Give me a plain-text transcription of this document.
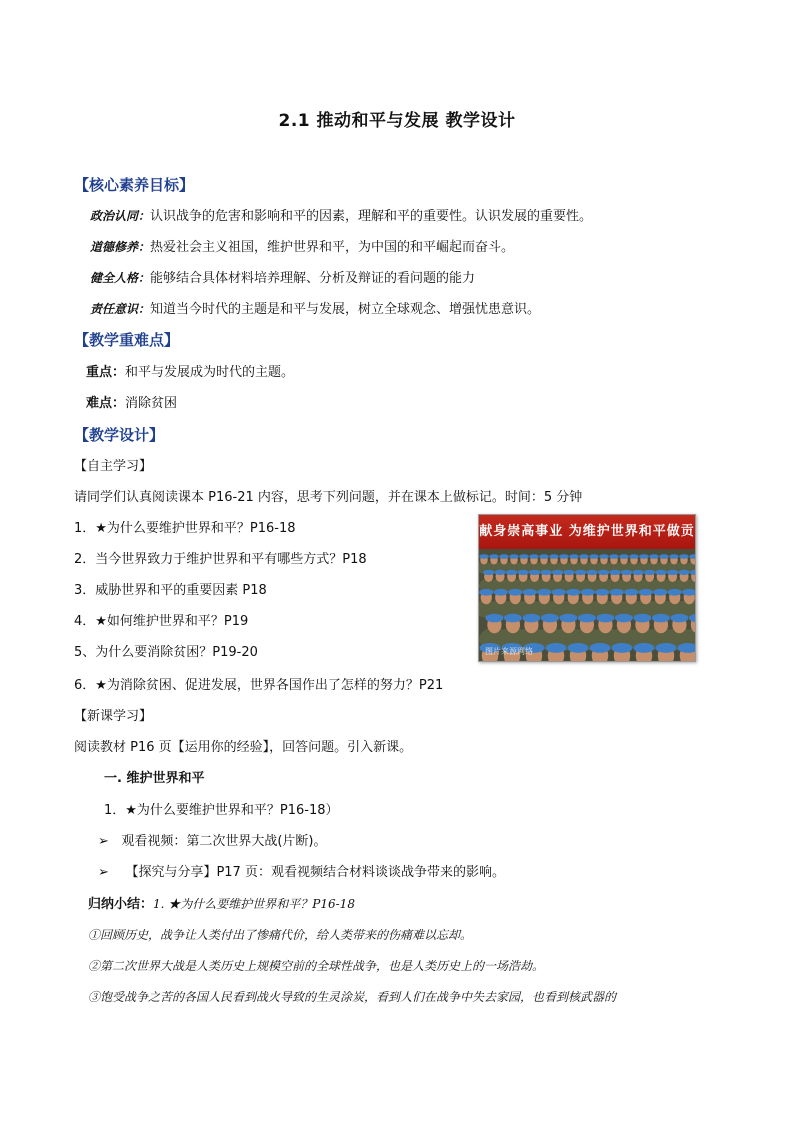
2.1 推动和平与发展 教学设计
【核心素养目标】
政治认同：认识战争的危害和影响和平的因素，理解和平的重要性。认识发展的重要性。
道德修养：热爱社会主义祖国，维护世界和平，为中国的和平崛起而奋斗。
健全人格：能够结合具体材料培养理解、分析及辩证的看问题的能力
责任意识：知道当今时代的主题是和平与发展，树立全球观念、增强忧患意识。
【教学重难点】
重点：和平与发展成为时代的主题。
难点：消除贫困
【教学设计】
【自主学习】
请同学们认真阅读课本 P16-21 内容，思考下列问题，并在课本上做标记。时间：5 分钟
1．★为什么要维护世界和平？P16-18
2．当今世界致力于维护世界和平有哪些方式？P18
3．威胁世界和平的重要因素 P18
4．★如何维护世界和平？P19
5、为什么要消除贫困？P19-20
6．★为消除贫困、促进发展，世界各国作出了怎样的努力？P21
献身崇高事业 为维护世界和平做贡
图片来源网络
【新课学习】
阅读教材 P16 页【运用你的经验】，回答问题。引入新课。
一. 维护世界和平
1．★为什么要维护世界和平？P16-18）
➢ 观看视频：第二次世界大战(片断)。
➢ 【探究与分享】P17 页：观看视频结合材料谈谈战争带来的影响。
归纳小结：1. ★为什么要维护世界和平？P16-18
①回顾历史，战争让人类付出了惨痛代价，给人类带来的伤痛难以忘却。
②第二次世界大战是人类历史上规模空前的全球性战争，也是人类历史上的一场浩劫。
③饱受战争之苦的各国人民看到战火导致的生灵涂炭，看到人们在战争中失去家园，也看到核武器的
